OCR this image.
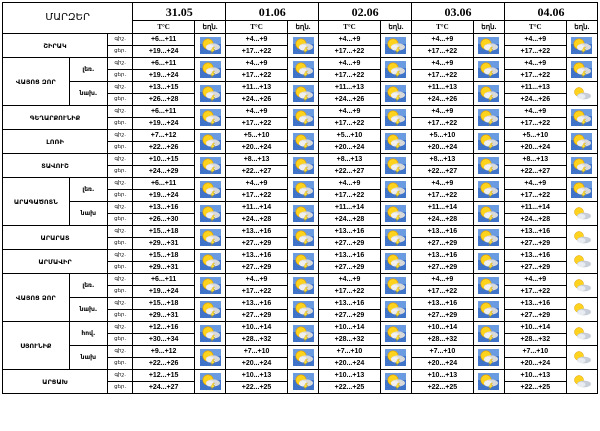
ՄԱՐԶԵՐ			31.05		01.06		02.06		03.06		04.06	
			T°C	եղն.	T°C	եղն.	T°C	եղն.	T°C	եղն.	T°C	եղն.
ՇԻՐԱԿ		գիշ.	+6...+11		+4...+9		+4...+9		+4...+9		+4...+9	

		ցեր.	+19...+24		+17...+22		+17...+22		+17...+22		+17...+22	
ՎԱՅՈՑ ԶՈՐ	լեռ.	գիշ.	+6...+11		+4...+9		+4...+9		+4...+9		+4...+9	

		ցեր.	+19...+24		+17...+22		+17...+22		+17...+22		+17...+22	
	նախ.	գիշ.	+13...+15		+11...+13		+11...+13		+11...+13		+11...+13	

		ցեր.	+26...+28		+24...+26		+24...+26		+24...+26		+24...+26	
ԳԵՂԱՐՔՈՒՆԻՔ		գիշ.	+6...+11		+4...+9		+4...+9		+4...+9		+4...+9	

		ցեր.	+19...+24		+17...+22		+17...+22		+17...+22		+17...+22	
ԼՈՌԻ		գիշ.	+7...+12		+5...+10		+5...+10		+5...+10		+5...+10	

		ցեր.	+22...+26		+20...+24		+20...+24		+20...+24		+20...+24	
ՏԱՎՈՒՇ		գիշ.	+10...+15		+8...+13		+8...+13		+8...+13		+8...+13	

		ցեր.	+24...+29		+22...+27		+22...+27		+22...+27		+22...+27	
ԱՐԱԳԱԾՈՏՆ	լեռ.	գիշ.	+6...+11		+4...+9		+4...+9		+4...+9		+4...+9	

		ցեր.	+19...+24		+17...+22		+17...+22		+17...+22		+17...+22	
	նախ	գիշ.	+13...+16		+11...+14		+11...+14		+11...+14		+11...+14	

		ցեր.	+26...+30		+24...+28		+24...+28		+24...+28		+24...+28	
ԱՐԱՐԱՏ		գիշ.	+15...+18		+13...+16		+13...+16		+13...+16		+13...+16	

		ցեր.	+29...+31		+27...+29		+27...+29		+27...+29		+27...+29	
ԱՐՄԱՎԻՐ		գիշ.	+15...+18		+13...+16		+13...+16		+13...+16		+13...+16	

		ցեր.	+29...+31		+27...+29		+27...+29		+27...+29		+27...+29	
ՎԱՅՈՑ ՁՈՐ	լեռ.	գիշ.	+6...+11		+4...+9		+4...+9		+4...+9		+4...+9	

		ցեր.	+19...+24		+17...+22		+17...+22		+17...+22		+17...+22	
	նախ.	գիշ.	+15...+18		+13...+16		+13...+16		+13...+16		+13...+16	

		ցեր.	+29...+31		+27...+29		+27...+29		+27...+29		+27...+29	
ՍՅՈՒՆԻՔ	հով.	գիշ.	+12...+16		+10...+14		+10...+14		+10...+14		+10...+14	

		ցեր.	+30...+34		+28...+32		+28...+32		+28...+32		+28...+32	
	նախ	գիշ.	+9...+12		+7...+10		+7...+10		+7...+10		+7...+10	

		ցեր.	+22...+26		+20...+24		+20...+24		+20...+24		+20...+24	
ԱՐՑԱԽ		գիշ.	+12...+15		+10...+13		+10...+13		+10...+13		+10...+13	

		ցեր.	+24...+27		+22...+25		+22...+25		+22...+25		+22...+25	
